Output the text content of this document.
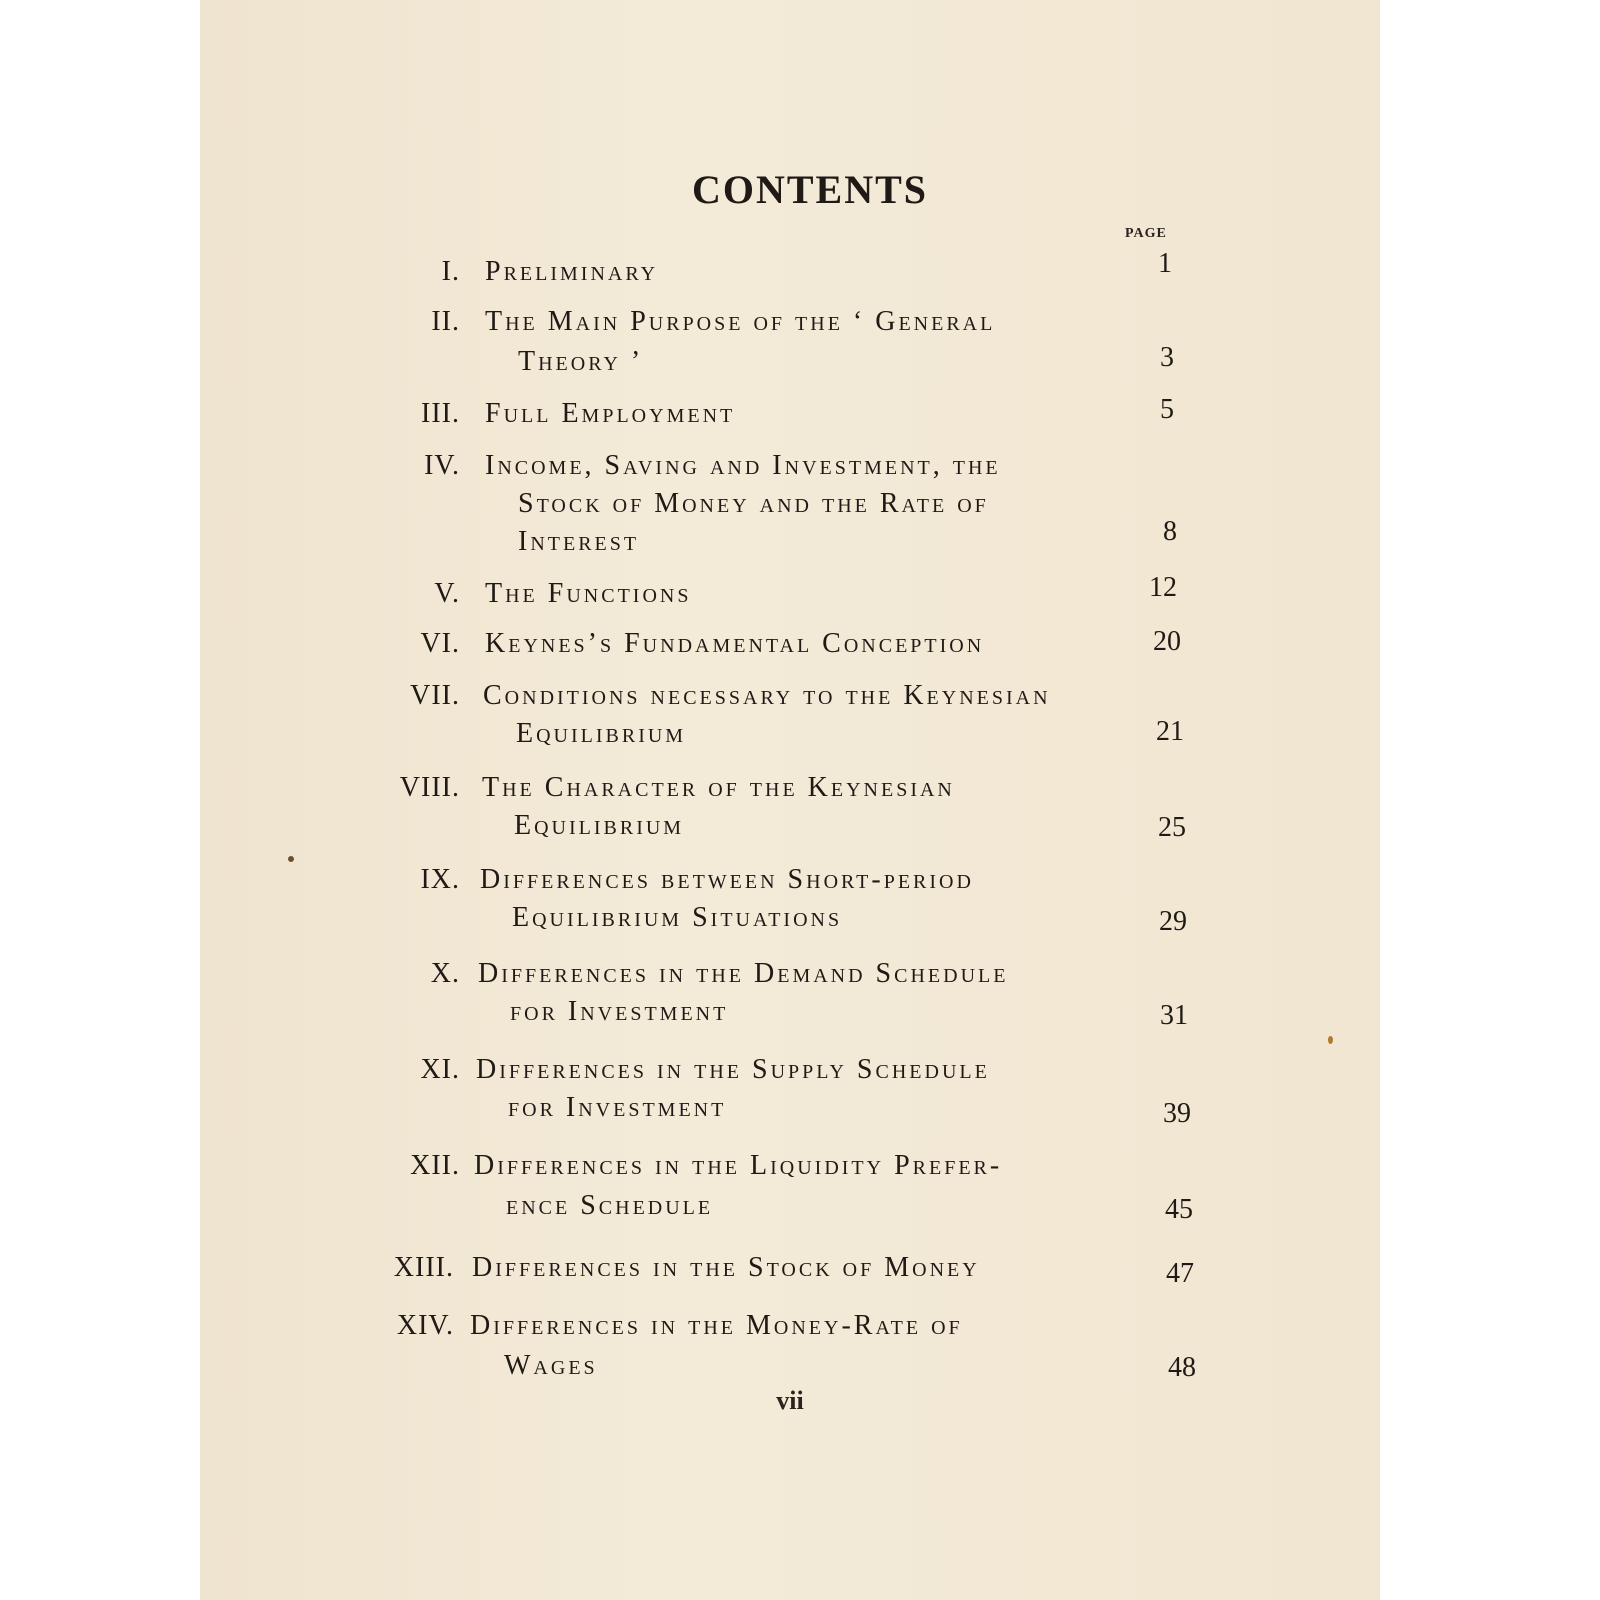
CONTENTS
PAGE
I. Preliminary	1
II. The Main Purpose of the ‘ General
Theory ’	3
III. Full Employment	5
IV. Income, Saving and Investment, the
Stock of Money and the Rate of
Interest	8
V. The Functions	12
VI. Keynes’s Fundamental Conception	20
VII. Conditions necessary to the Keynesian
Equilibrium	21
VIII. The Character of the Keynesian
Equilibrium	25
IX. Differences between Short-period
Equilibrium Situations	29
X. Differences in the Demand Schedule
for Investment	31
XI. Differences in the Supply Schedule
for Investment	39
XII. Differences in the Liquidity Prefer-
ence Schedule	45
XIII. Differences in the Stock of Money	47
XIV. Differences in the Money-Rate of
Wages	48
vii
